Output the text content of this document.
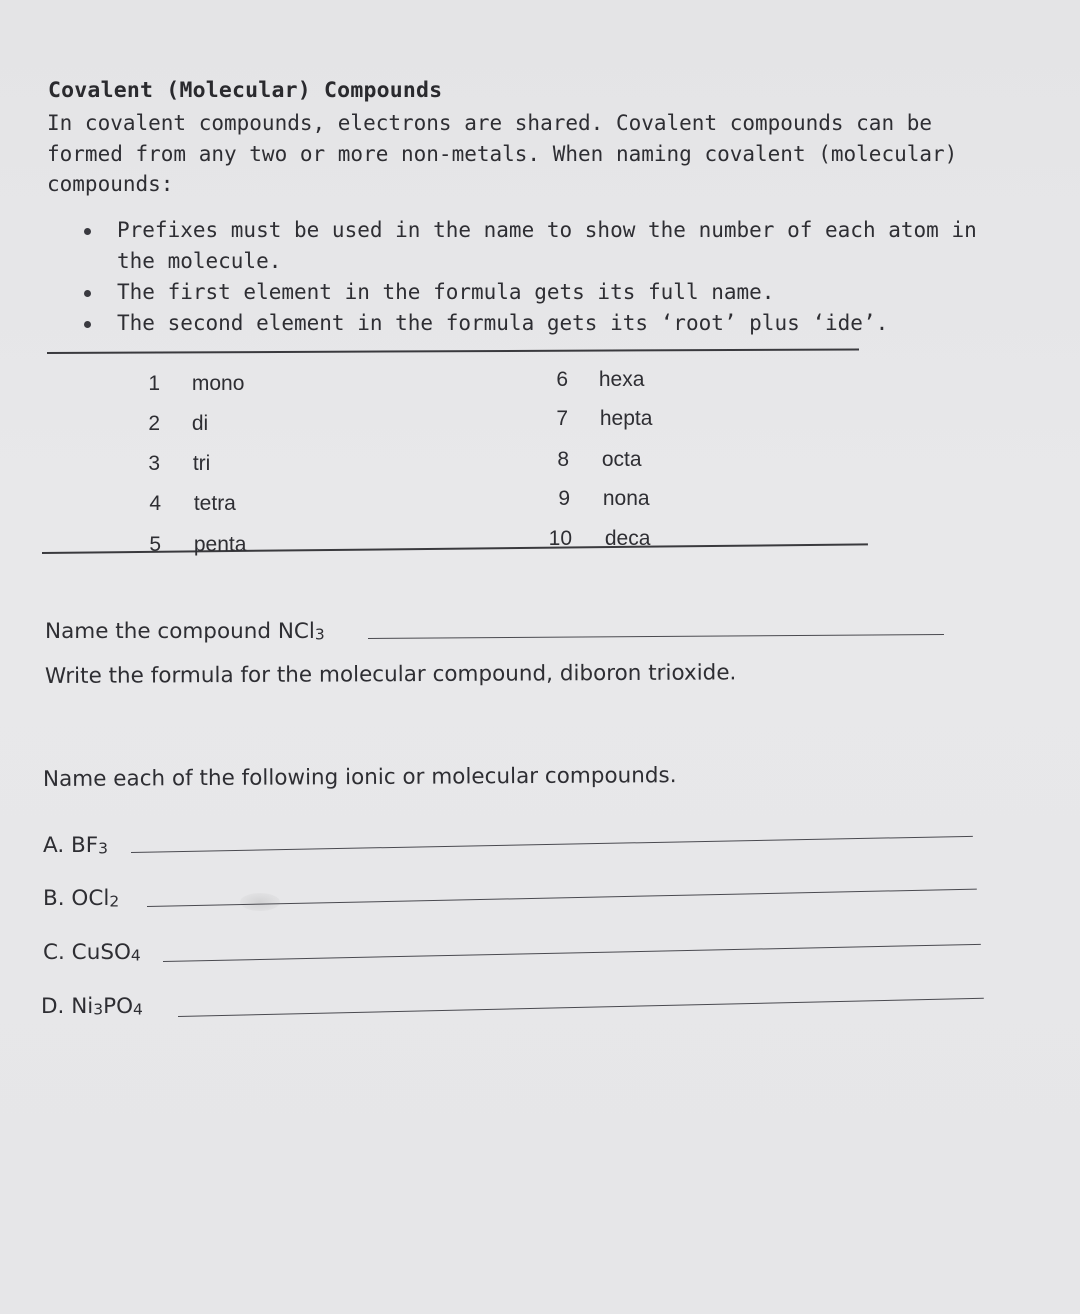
Covalent (Molecular) Compounds
In covalent compounds, electrons are shared. Covalent compounds can be
formed from any two or more non-metals. When naming covalent (molecular)
compounds:
Prefixes must be used in the name to show the number of each atom in
the molecule.
The first element in the formula gets its full name.
The second element in the formula gets its ‘root’ plus ‘ide’.
1 mono
2 di
3 tri
4 tetra
5 penta
6 hexa
7 hepta
8 octa
9 nona
10 deca
Name the compound NCl$_3$
Write the formula for the molecular compound, diboron trioxide.
Name each of the following ionic or molecular compounds.
A. $BF_3$
B. OCl$_2$
C. CuSO$_4$
D. $Ni_3PO_4$
